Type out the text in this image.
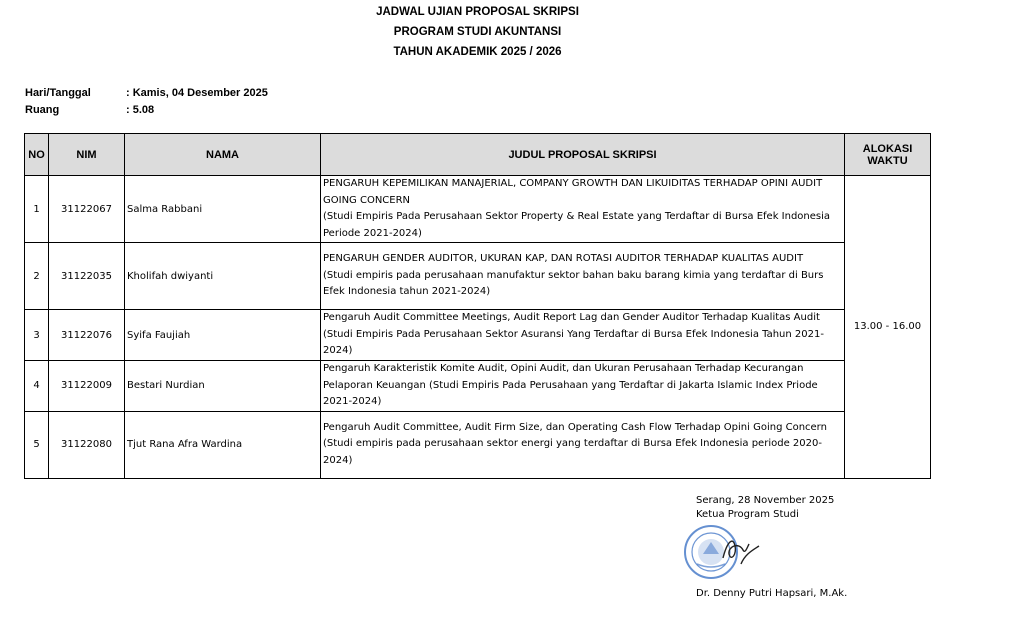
JADWAL UJIAN PROPOSAL SKRIPSI
PROGRAM STUDI AKUNTANSI
TAHUN AKADEMIK 2025 / 2026
Hari/Tanggal	: Kamis, 04 Desember 2025
Ruang	: 5.08
NO	NIM	NAMA	JUDUL PROPOSAL SKRIPSI	ALOKASI
WAKTU

1	31122067	Salma Rabbani	PENGARUH KEPEMILIKAN MANAJERIAL, COMPANY GROWTH DAN LIKUIDITAS TERHADAP OPINI AUDIT GOING CONCERN
(Studi Empiris Pada Perusahaan Sektor Property & Real Estate yang Terdaftar di Bursa Efek Indonesia Periode 2021-2024)	13.00 - 16.00
2	31122035	Kholifah dwiyanti	PENGARUH GENDER AUDITOR, UKURAN KAP, DAN ROTASI AUDITOR TERHADAP KUALITAS AUDIT
(Studi empiris pada perusahaan manufaktur sektor bahan baku barang kimia yang terdaftar di Burs Efek Indonesia tahun 2021-2024)	

3	31122076	Syifa Faujiah	Pengaruh Audit Committee Meetings, Audit Report Lag dan Gender Auditor Terhadap Kualitas Audit
(Studi Empiris Pada Perusahaan Sektor Asuransi Yang Terdaftar di Bursa Efek Indonesia Tahun 2021-2024)	

4	31122009	Bestari Nurdian	Pengaruh Karakteristik Komite Audit, Opini Audit, dan Ukuran Perusahaan Terhadap Kecurangan Pelaporan Keuangan (Studi Empiris Pada Perusahaan yang Terdaftar di Jakarta Islamic Index Priode 2021-2024)	

5	31122080	Tjut Rana Afra Wardina	Pengaruh Audit Committee, Audit Firm Size, dan Operating Cash Flow Terhadap Opini Going Concern
(Studi empiris pada perusahaan sektor energi yang terdaftar di Bursa Efek Indonesia periode 2020-2024)	
Serang, 28 November 2025
Ketua Program Studi
Dr. Denny Putri Hapsari, M.Ak.
